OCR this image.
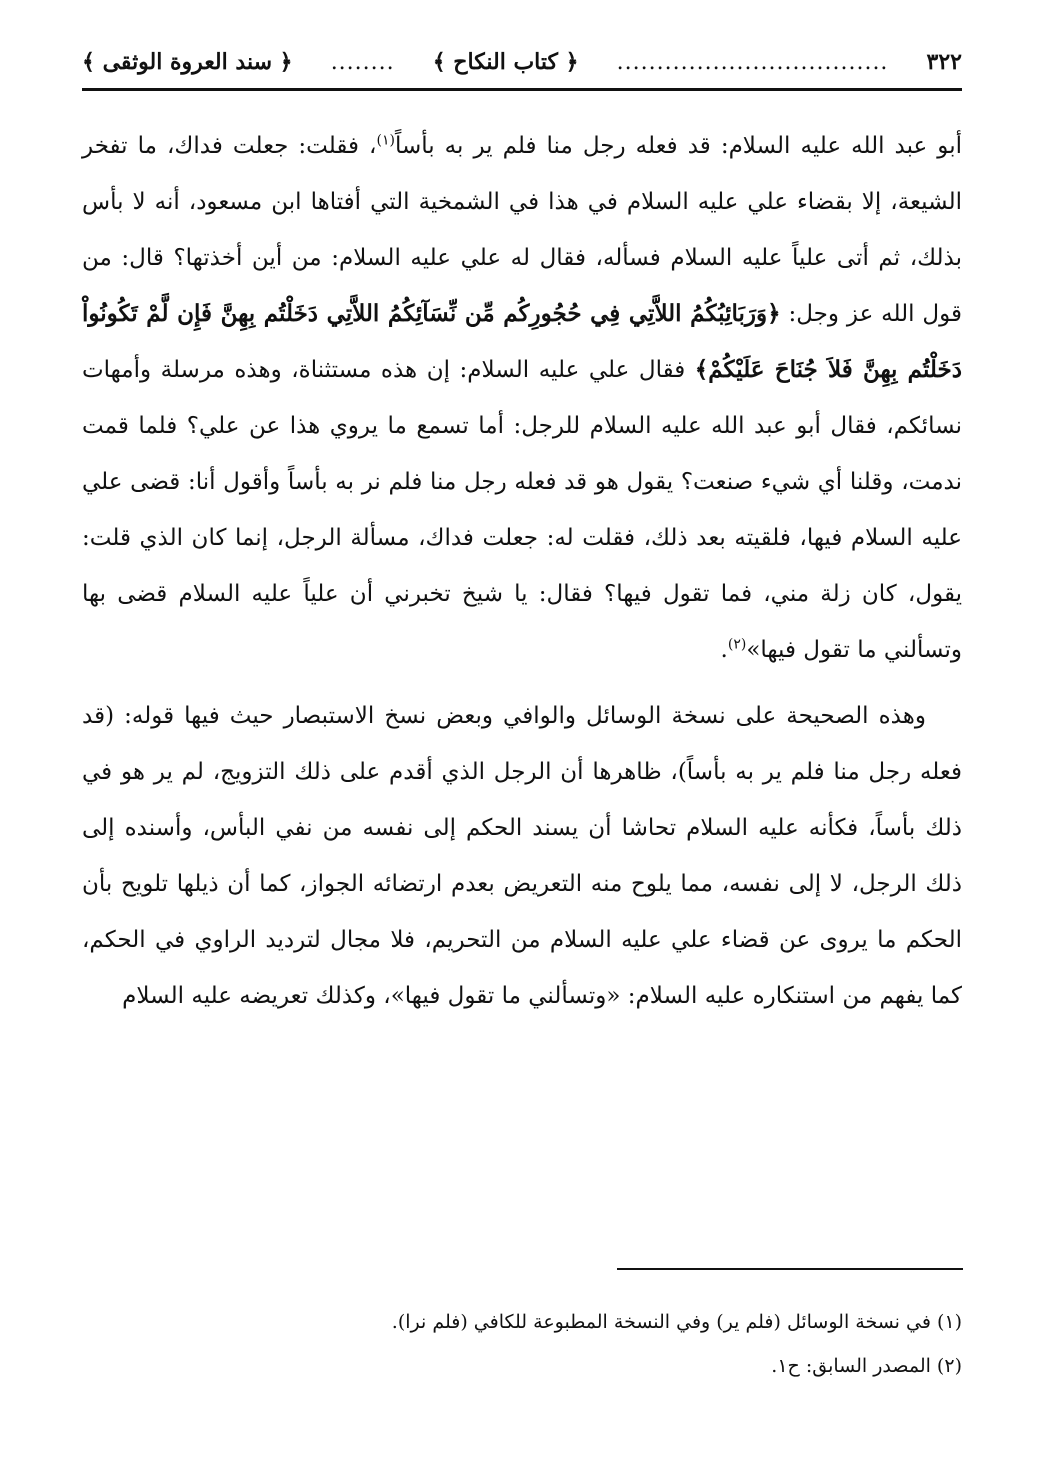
٣٢٢
..................................
﴿ كتاب النكاح ﴾
........
﴿ سند العروة الوثقى ﴾

أبو عبد الله عليه السلام: قد فعله رجل منا فلم ير به بأساً$^{(١)}$، فقلت: جعلت فداك، ما تفخر الشيعة، إلا بقضاء علي عليه السلام في هذا في الشمخية التي أفتاها ابن مسعود، أنه لا بأس بذلك، ثم أتى علياً عليه السلام فسأله، فقال له علي عليه السلام: من أين أخذتها؟ قال: من قول الله عز وجل: ﴿وَرَبَائِبُكُمُ اللاَّتِي فِي حُجُورِكُم مِّن نِّسَآئِكُمُ اللاَّتِي دَخَلْتُم بِهِنَّ فَإِن لَّمْ تَكُونُواْ دَخَلْتُم بِهِنَّ فَلاَ جُنَاحَ عَلَيْكُمْ﴾ فقال علي عليه السلام: إن هذه مستثناة، وهذه مرسلة وأمهات نسائكم، فقال أبو عبد الله عليه السلام للرجل: أما تسمع ما يروي هذا عن علي؟ فلما قمت ندمت، وقلنا أي شيء صنعت؟ يقول هو قد فعله رجل منا فلم نر به بأساً وأقول أنا: قضى علي عليه السلام فيها، فلقيته بعد ذلك، فقلت له: جعلت فداك، مسألة الرجل، إنما كان الذي قلت: يقول، كان زلة مني، فما تقول فيها؟ فقال: يا شيخ تخبرني أن علياً عليه السلام قضى بها وتسألني ما تقول فيها»$^{(٢)}$.

وهذه الصحيحة على نسخة الوسائل والوافي وبعض نسخ الاستبصار حيث فيها قوله: (قد فعله رجل منا فلم ير به بأساً)، ظاهرها أن الرجل الذي أقدم على ذلك التزويج، لم ير هو في ذلك بأساً، فكأنه عليه السلام تحاشا أن يسند الحكم إلى نفسه من نفي البأس، وأسنده إلى ذلك الرجل، لا إلى نفسه، مما يلوح منه التعريض بعدم ارتضائه الجواز، كما أن ذيلها تلويح بأن الحكم ما يروى عن قضاء علي عليه السلام من التحريم، فلا مجال لترديد الراوي في الحكم، كما يفهم من استنكاره عليه السلام: «وتسألني ما تقول فيها»، وكذلك تعريضه عليه السلام

(١) في نسخة الوسائل (فلم ير) وفي النسخة المطبوعة للكافي (فلم نرا).

(٢) المصدر السابق: ح١.
